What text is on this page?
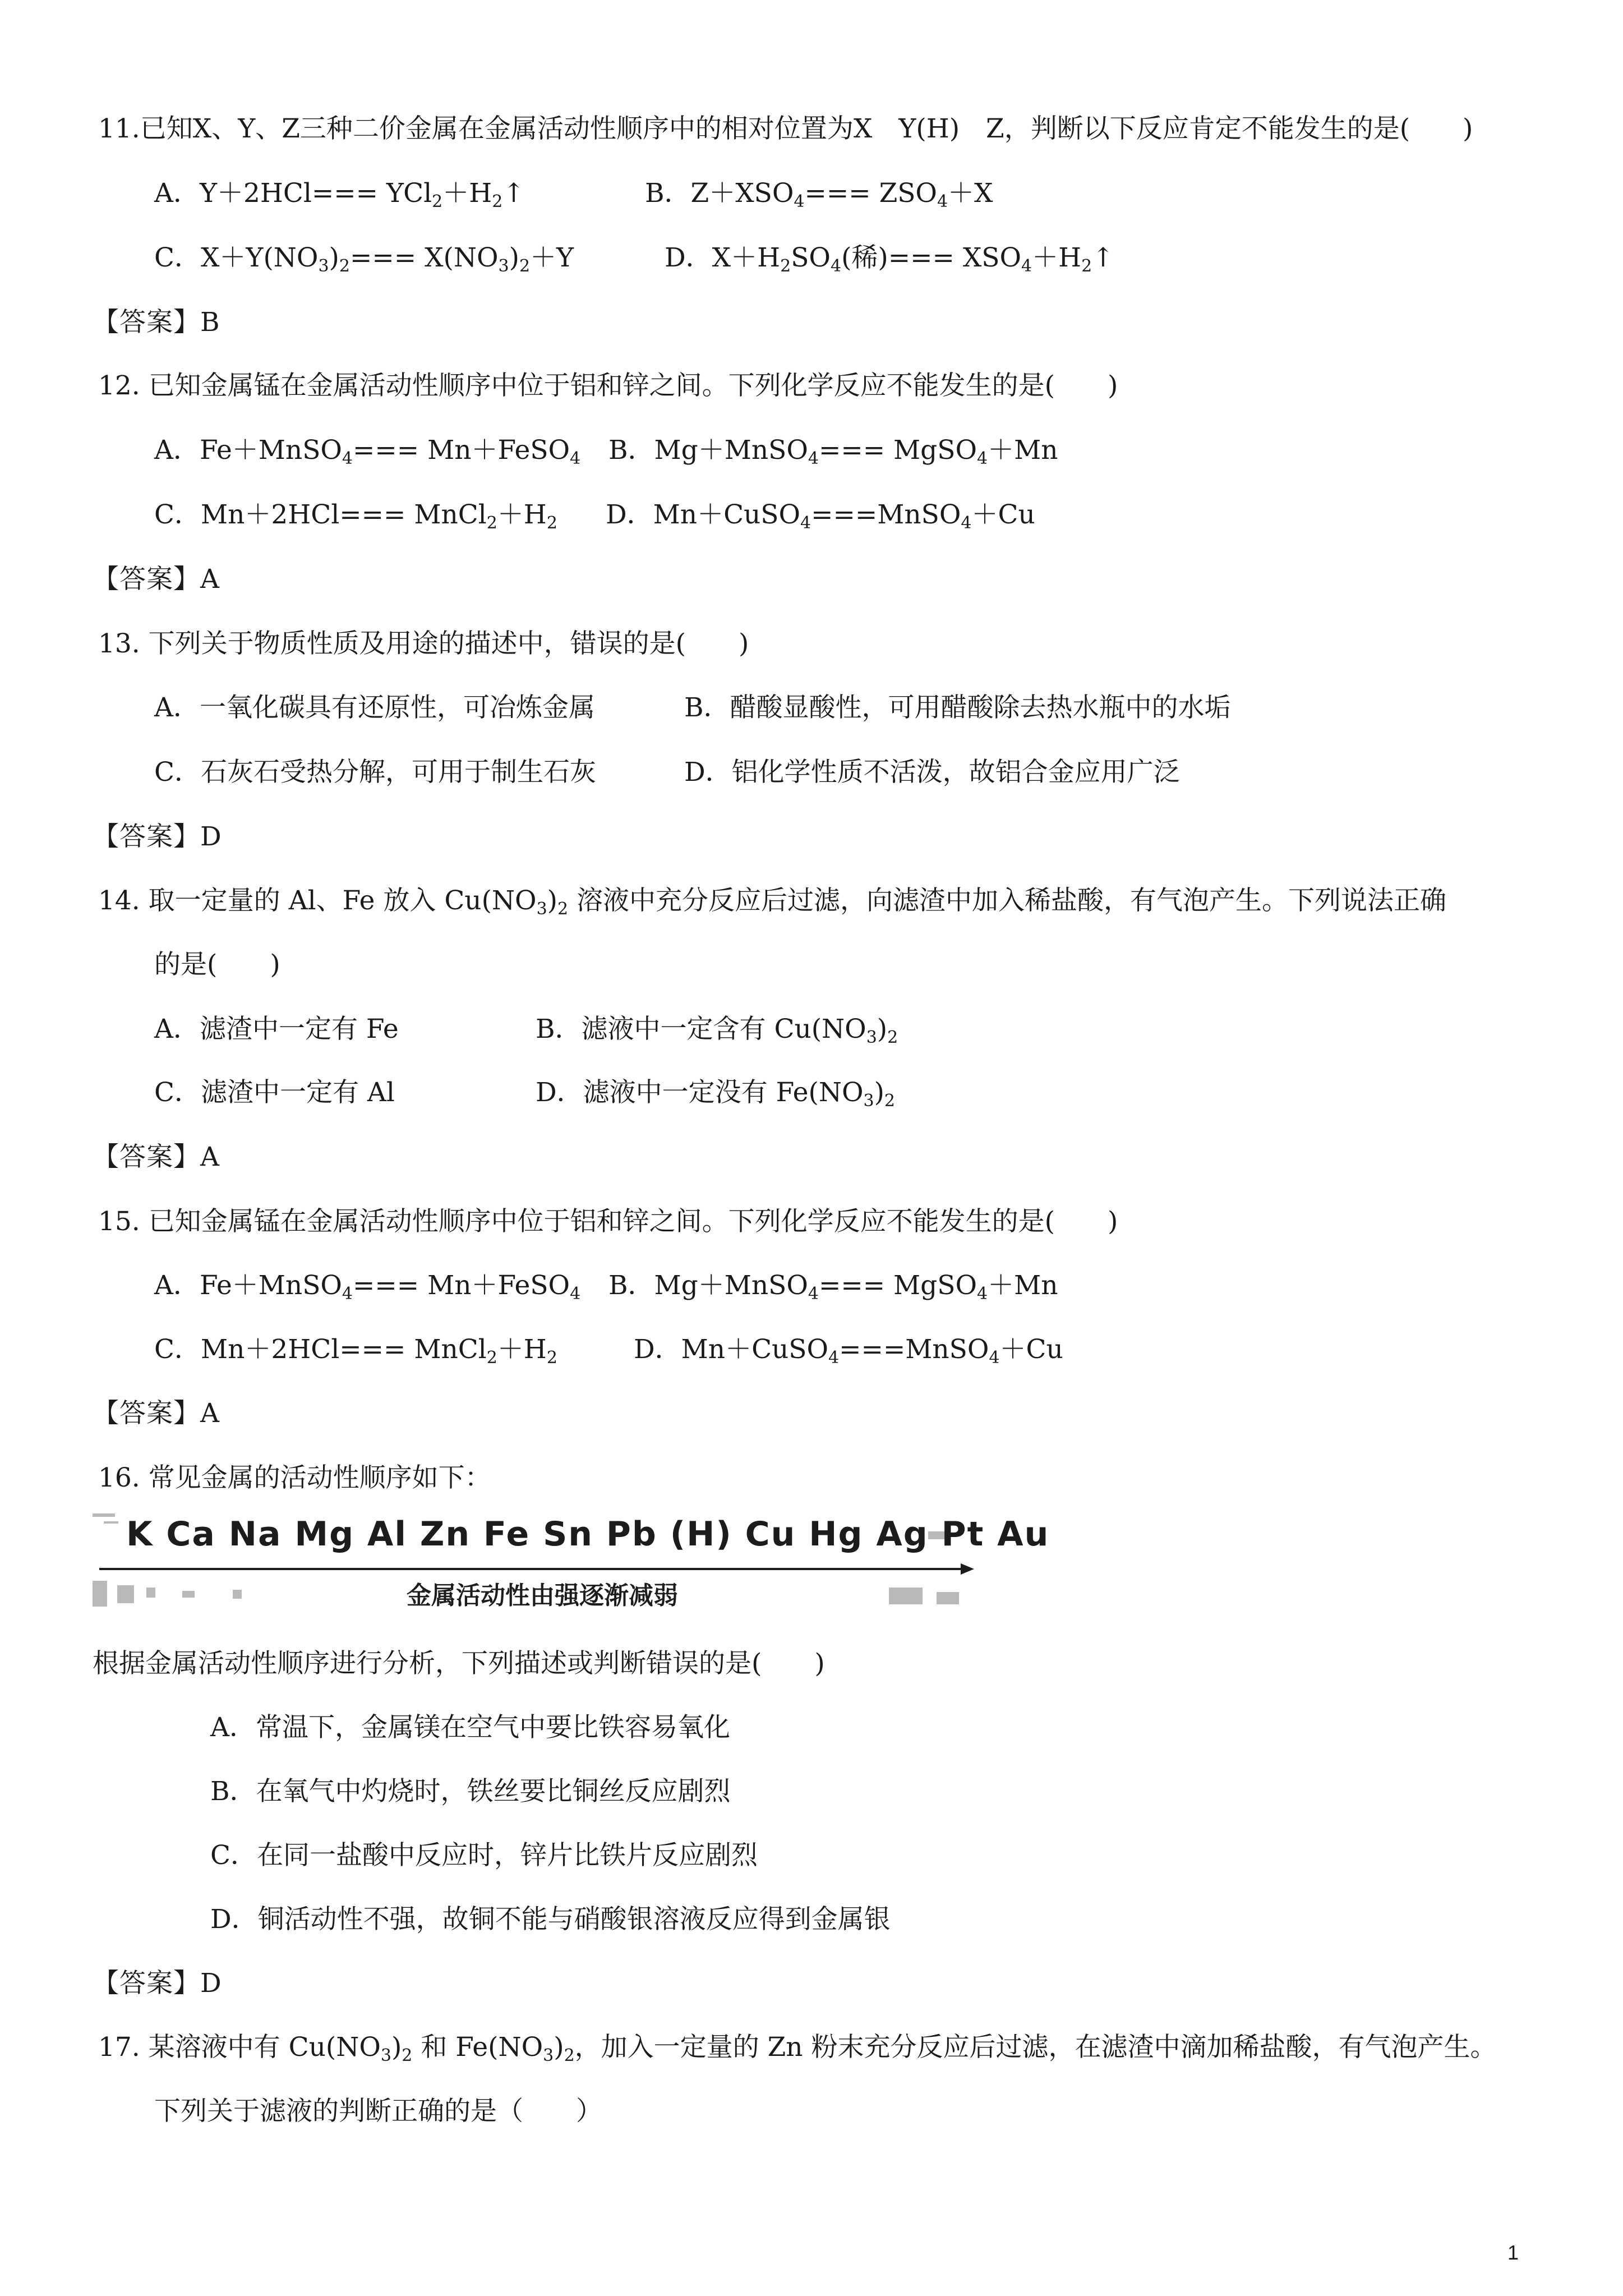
11.已知X、Y、Z三种二价金属在金属活动性顺序中的相对位置为X　Y(H)　Z，判断以下反应肯定不能发生的是(　　)
A．$Y+2HCl=== YCl_2+H_2↑$	B．$Z+XSO_4=== ZSO_4+X$
C．$X+Y(NO_3)_2=== X(NO_3)_2+Y$	D．$X+H_2SO_4$(稀)=== $XSO_4+H_2↑$
【答案】B
12. 已知金属锰在金属活动性顺序中位于铝和锌之间。下列化学反应不能发生的是(　　)
A．Fe＋MnSO$_4$=== Mn＋FeSO$_4$ B．Mg＋MnSO$_4$=== MgSO$_4$＋Mn
C．$Mn+2HCl=== MnCl_2+H_2$ D．Mn＋CuSO$_4$===MnSO$_4$＋Cu
【答案】A
13. 下列关于物质性质及用途的描述中，错误的是(　　)
A．一氧化碳具有还原性，可冶炼金属	B．醋酸显酸性，可用醋酸除去热水瓶中的水垢
C．石灰石受热分解，可用于制生石灰	D．铝化学性质不活泼，故铝合金应用广泛
【答案】D
14. 取一定量的 Al、Fe 放入 $Cu(NO_3)_2$ 溶液中充分反应后过滤，向滤渣中加入稀盐酸，有气泡产生。下列说法正确
的是(　　)
A．滤渣中一定有 Fe	B．滤液中一定含有 $Cu(NO_3)_2$
C．滤渣中一定有 Al	D．滤液中一定没有 $Fe(NO_3)_2$
【答案】A
15. 已知金属锰在金属活动性顺序中位于铝和锌之间。下列化学反应不能发生的是(　　)
A．Fe＋MnSO$_4$=== Mn＋FeSO$_4$ B．Mg＋MnSO$_4$=== MgSO$_4$＋Mn
C．$Mn+2HCl=== MnCl_2+H_2$	D．Mn＋CuSO$_4$===MnSO$_4$＋Cu
【答案】A
16. 常见金属的活动性顺序如下：
K Ca Na Mg Al Zn Fe Sn Pb (H) Cu Hg Ag Pt Au
金属活动性由强逐渐减弱
根据金属活动性顺序进行分析，下列描述或判断错误的是(　　)
A．常温下，金属镁在空气中要比铁容易氧化
B．在氧气中灼烧时，铁丝要比铜丝反应剧烈
C．在同一盐酸中反应时，锌片比铁片反应剧烈
D．铜活动性不强，故铜不能与硝酸银溶液反应得到金属银
【答案】D
17. 某溶液中有 $Cu(NO_3)_2$ 和 $Fe(NO_3)_2$，加入一定量的 Zn 粉末充分反应后过滤，在滤渣中滴加稀盐酸，有气泡产生。
下列关于滤液的判断正确的是（　　）
1
